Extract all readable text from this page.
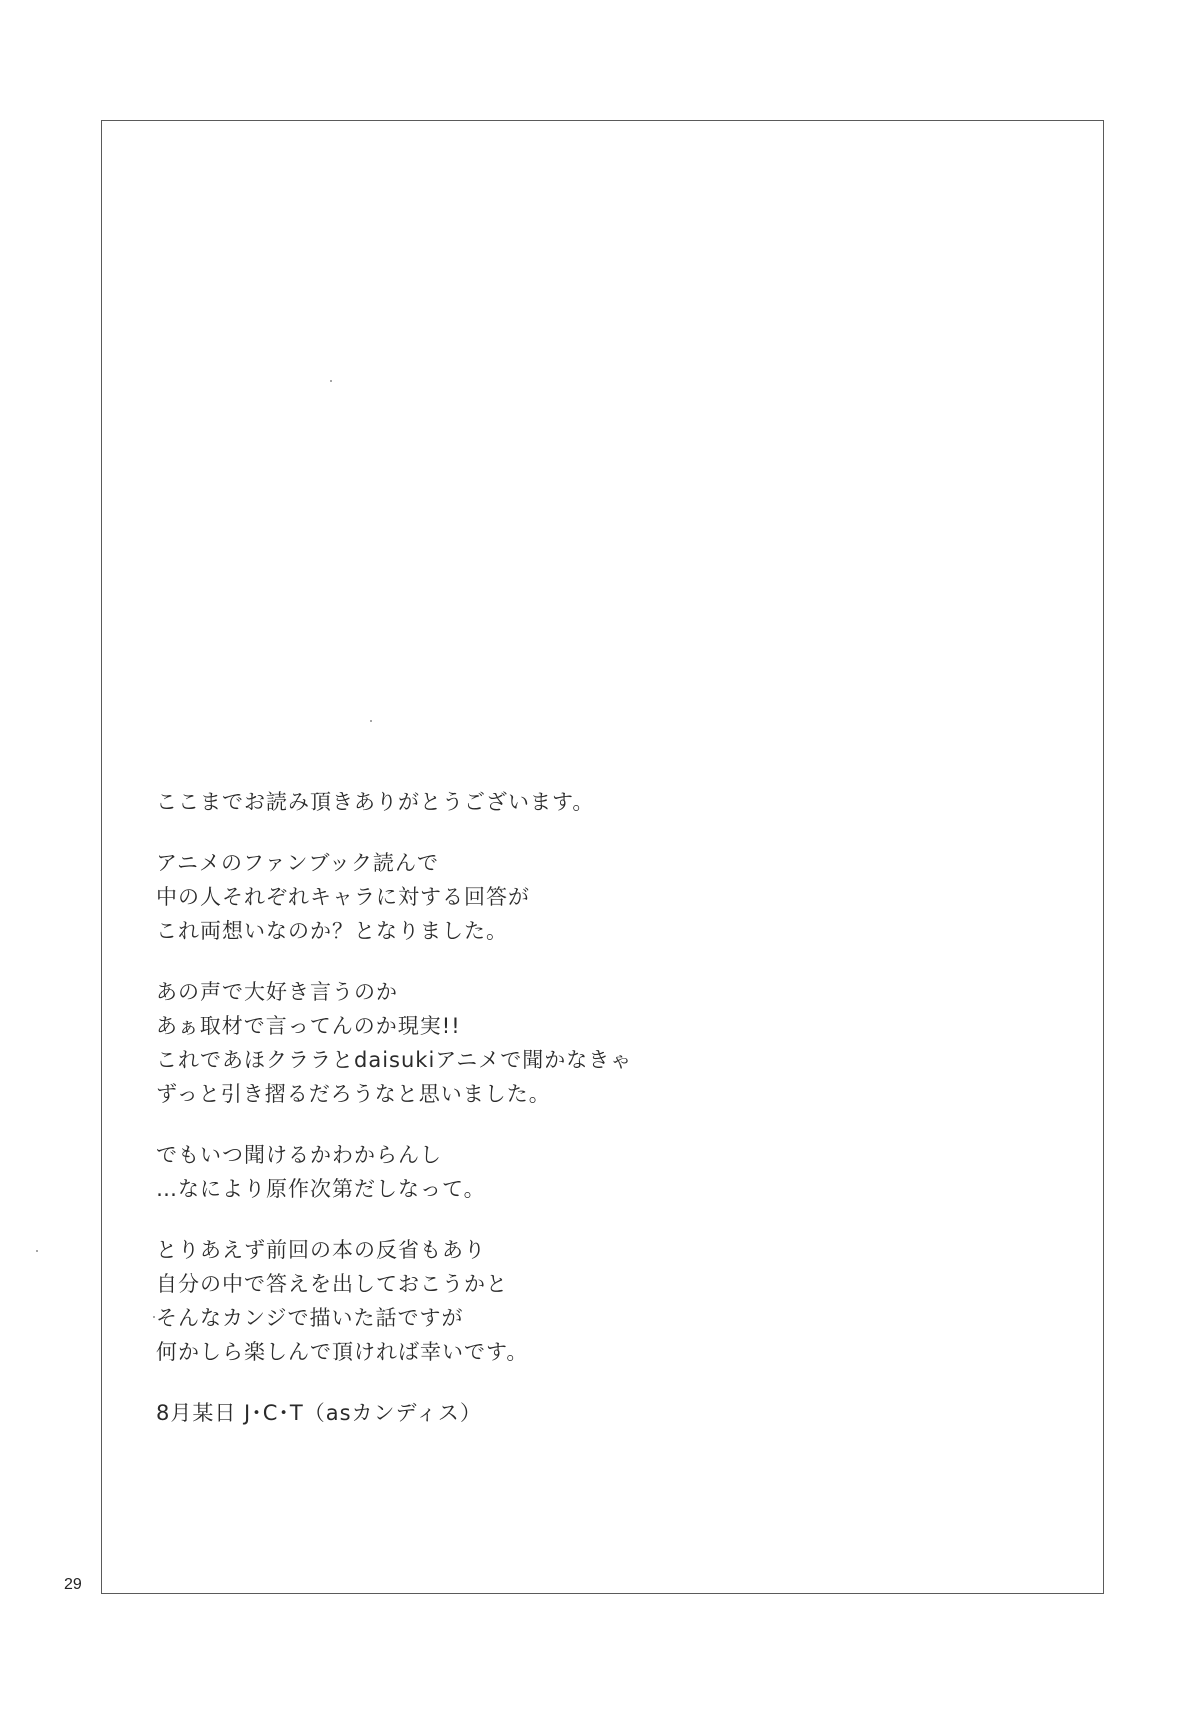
ここまでお読み頂きありがとうございます。
アニメのファンブック読んで
中の人それぞれキャラに対する回答が
これ両想いなのか？となりました。
あの声で大好き言うのか
あぁ取材で言ってんのか現実!!
これであほクララとdaisukiアニメで聞かなきゃ
ずっと引き摺るだろうなと思いました。
でもいつ聞けるかわからんし
…なにより原作次第だしなって。
とりあえず前回の本の反省もあり
自分の中で答えを出しておこうかと
そんなカンジで描いた話ですが
何かしら楽しんで頂ければ幸いです。
8月某日 J･C･T（asカンディス）
29
